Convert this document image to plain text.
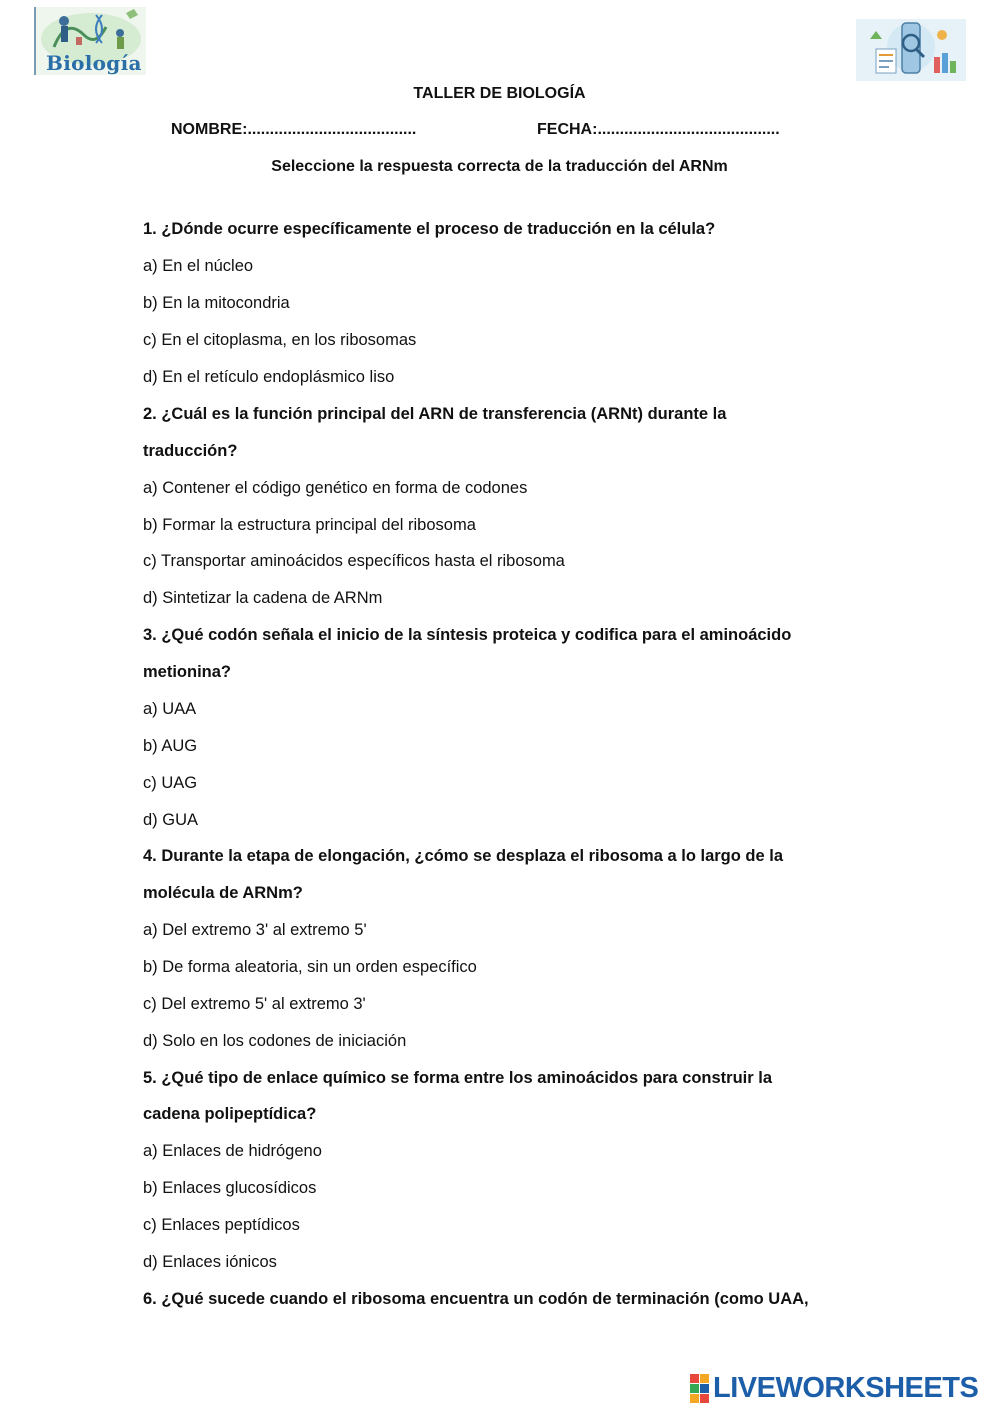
Biología
TALLER DE BIOLOGÍA
NOMBRE:......................................	FECHA:.........................................
Seleccione la respuesta correcta de la traducción del ARNm
1. ¿Dónde ocurre específicamente el proceso de traducción en la célula?
a) En el núcleo
b) En la mitocondria
c) En el citoplasma, en los ribosomas
d) En el retículo endoplásmico liso
2. ¿Cuál es la función principal del ARN de transferencia (ARNt) durante la
traducción?
a) Contener el código genético en forma de codones
b) Formar la estructura principal del ribosoma
c) Transportar aminoácidos específicos hasta el ribosoma
d) Sintetizar la cadena de ARNm
3. ¿Qué codón señala el inicio de la síntesis proteica y codifica para el aminoácido
metionina?
a) UAA
b) AUG
c) UAG
d) GUA
4. Durante la etapa de elongación, ¿cómo se desplaza el ribosoma a lo largo de la
molécula de ARNm?
a) Del extremo 3' al extremo 5'
b) De forma aleatoria, sin un orden específico
c) Del extremo 5' al extremo 3'
d) Solo en los codones de iniciación
5. ¿Qué tipo de enlace químico se forma entre los aminoácidos para construir la
cadena polipeptídica?
a) Enlaces de hidrógeno
b) Enlaces glucosídicos
c) Enlaces peptídicos
d) Enlaces iónicos
6. ¿Qué sucede cuando el ribosoma encuentra un codón de terminación (como UAA,
LIVEWORKSHEETS
